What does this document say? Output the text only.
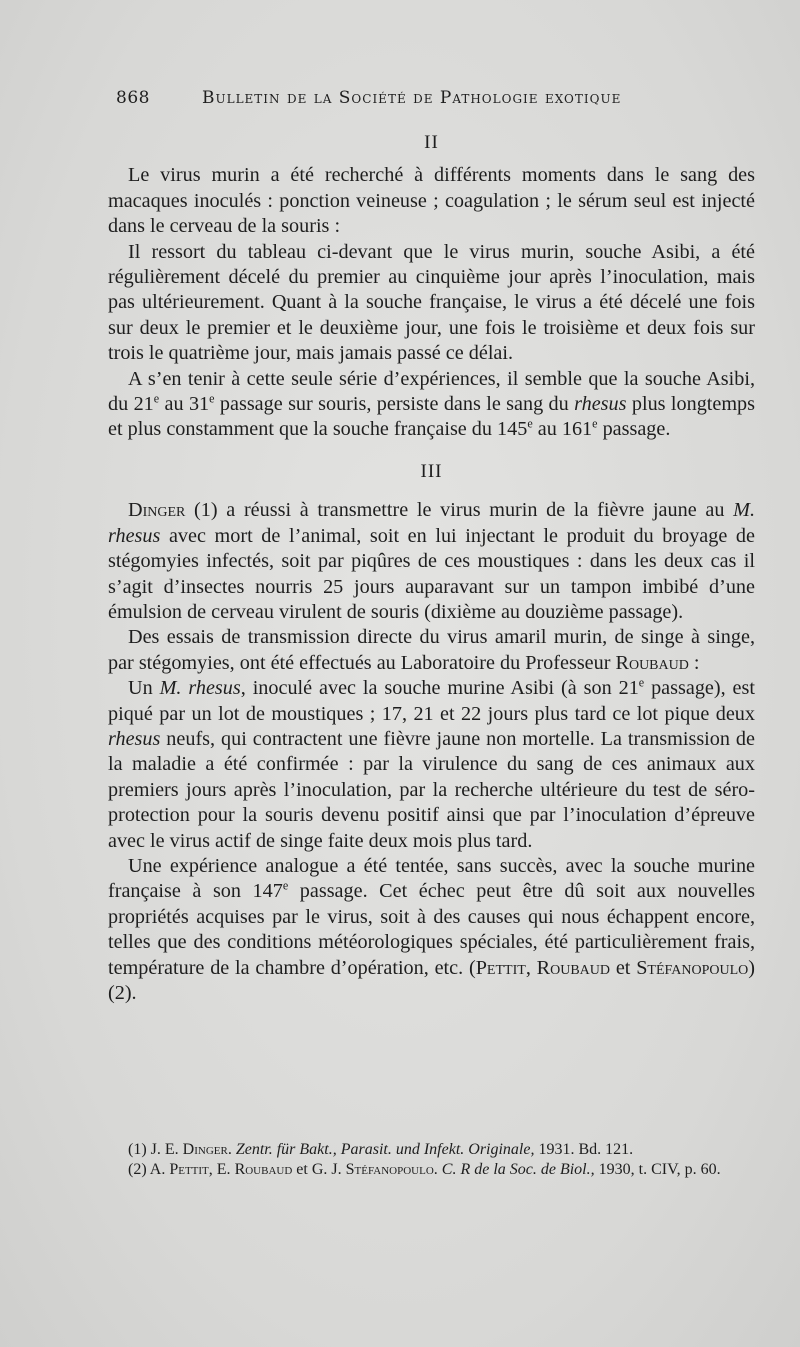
868	Bulletin de la Société de Pathologie exotique
II

Le virus murin a été recherché à différents moments dans le sang des macaques inoculés : ponction veineuse ; coagulation ; le sérum seul est injecté dans le cerveau de la souris :

Il ressort du tableau ci-devant que le virus murin, souche Asibi, a été régulièrement décelé du premier au cinquième jour après l’inoculation, mais pas ultérieurement. Quant à la souche française, le virus a été décelé une fois sur deux le premier et le deuxième jour, une fois le troisième et deux fois sur trois le quatrième jour, mais jamais passé ce délai.

A s’en tenir à cette seule série d’expériences, il semble que la souche Asibi, du 21e au 31e passage sur souris, persiste dans le sang du rhesus plus longtemps et plus constamment que la souche française du 145e au 161e passage.

III

Dinger (1) a réussi à transmettre le virus murin de la fièvre jaune au M. rhesus avec mort de l’animal, soit en lui injectant le produit du broyage de stégomyies infectés, soit par piqûres de ces moustiques : dans les deux cas il s’agit d’insectes nourris 25 jours auparavant sur un tampon imbibé d’une émulsion de cerveau virulent de souris (dixième au douzième passage).

Des essais de transmission directe du virus amaril murin, de singe à singe, par stégomyies, ont été effectués au Laboratoire du Professeur Roubaud :

Un M. rhesus, inoculé avec la souche murine Asibi (à son 21e passage), est piqué par un lot de moustiques ; 17, 21 et 22 jours plus tard ce lot pique deux rhesus neufs, qui contractent une fièvre jaune non mortelle. La transmission de la maladie a été confirmée : par la virulence du sang de ces animaux aux premiers jours après l’inoculation, par la recherche ultérieure du test de séro-protection pour la souris devenu positif ainsi que par l’inoculation d’épreuve avec le virus actif de singe faite deux mois plus tard.

Une expérience analogue a été tentée, sans succès, avec la souche murine française à son 147e passage. Cet échec peut être dû soit aux nouvelles propriétés acquises par le virus, soit à des causes qui nous échappent encore, telles que des conditions météorologiques spéciales, été particulièrement frais, température de la chambre d’opération, etc. (Pettit, Roubaud et Stéfanopoulo) (2).

(1) J. E. Dinger. Zentr. für Bakt., Parasit. und Infekt. Originale, 1931. Bd. 121.

(2) A. Pettit, E. Roubaud et G. J. Stéfanopoulo. C. R de la Soc. de Biol., 1930, t. CIV, p. 60.
